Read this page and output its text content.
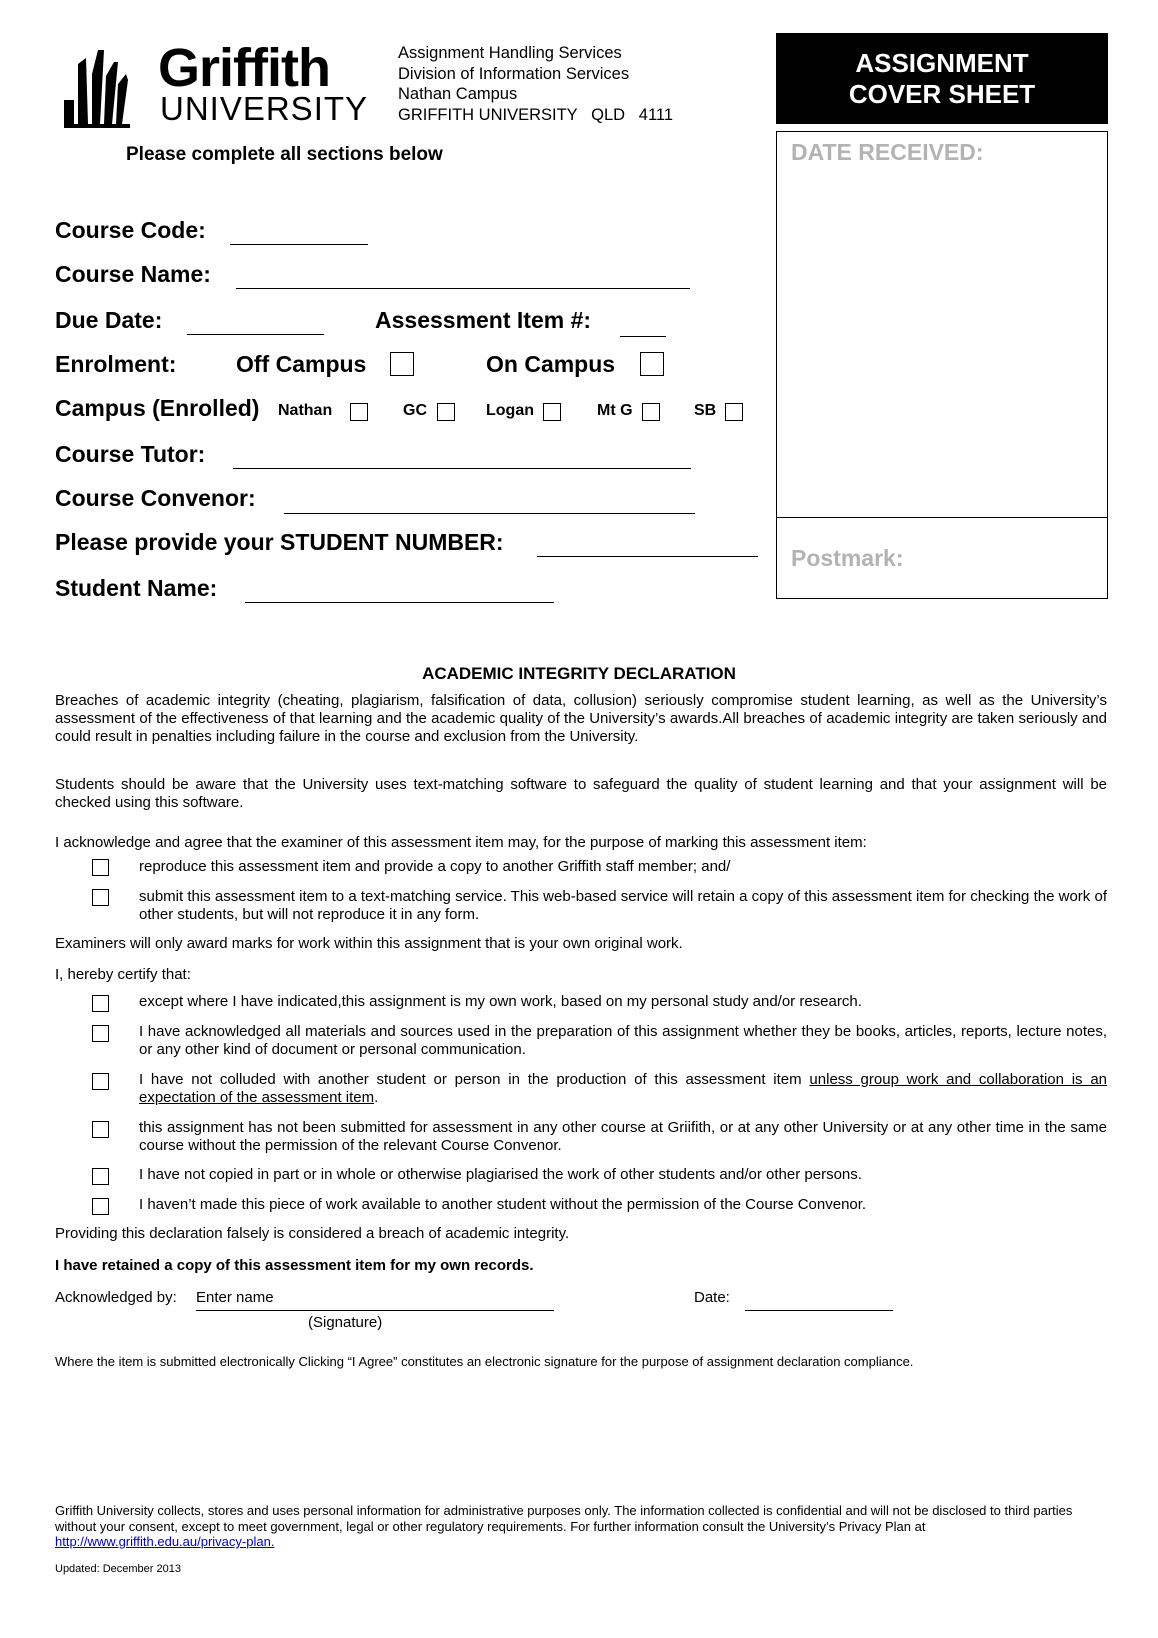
Griffith
UNIVERSITY
Assignment Handling Services
Division of Information Services
Nathan Campus
GRIFFITH UNIVERSITY   QLD   4111
ASSIGNMENT
COVER SHEET
Please complete all sections below	DATE RECEIVED:
Postmark:
Course Code:
Course Name:
Due Date:	Assessment Item #:
Enrolment:	Off Campus	On Campus
Campus (Enrolled) Nathan	GC	Logan	Mt G	SB
Course Tutor:
Course Convenor:
Please provide your STUDENT NUMBER:
Student Name:
ACADEMIC INTEGRITY DECLARATION
Breaches of academic integrity (cheating, plagiarism, falsification of data, collusion) seriously compromise student learning, as well as the University’s assessment of the effectiveness of that learning and the academic quality of the University’s awards.All breaches of academic integrity are taken seriously and could result in penalties including failure in the course and exclusion from the University.
Students should be aware that the University uses text-matching software to safeguard the quality of student learning and that your assignment will be checked using this software.
I acknowledge and agree that the examiner of this assessment item may, for the purpose of marking this assessment item:
reproduce this assessment item and provide a copy to another Griffith staff member; and/
submit this assessment item to a text-matching service. This web-based service will retain a copy of this assessment item for checking the work of other students, but will not reproduce it in any form.
Examiners will only award marks for work within this assignment that is your own original work.
I, hereby certify that:
except where I have indicated,this assignment is my own work, based on my personal study and/or research.
I have acknowledged all materials and sources used in the preparation of this assignment whether they be books, articles, reports, lecture notes, or any other kind of document or personal communication.
I have not colluded with another student or person in the production of this assessment item unless group work and collaboration is an expectation of the assessment item.
this assignment has not been submitted for assessment in any other course at Griifith, or at any other University or at any other time in the same course without the permission of the relevant Course Convenor.
I have not copied in part or in whole or otherwise plagiarised the work of other students and/or other persons.
I haven’t made this piece of work available to another student without the permission of the Course Convenor.
Providing this declaration falsely is considered a breach of academic integrity.
I have retained a copy of this assessment item for my own records.
Acknowledged by: Enter name
(Signature)
Date:
Where the item is submitted electronically Clicking “I Agree” constitutes an electronic signature for the purpose of assignment declaration compliance.
Griffith University collects, stores and uses personal information for administrative purposes only. The information collected is confidential and will not be disclosed to third parties without your consent, except to meet government, legal or other regulatory requirements. For further information consult the University’s Privacy Plan at
http://www.griffith.edu.au/privacy-plan.
Updated: December 2013
